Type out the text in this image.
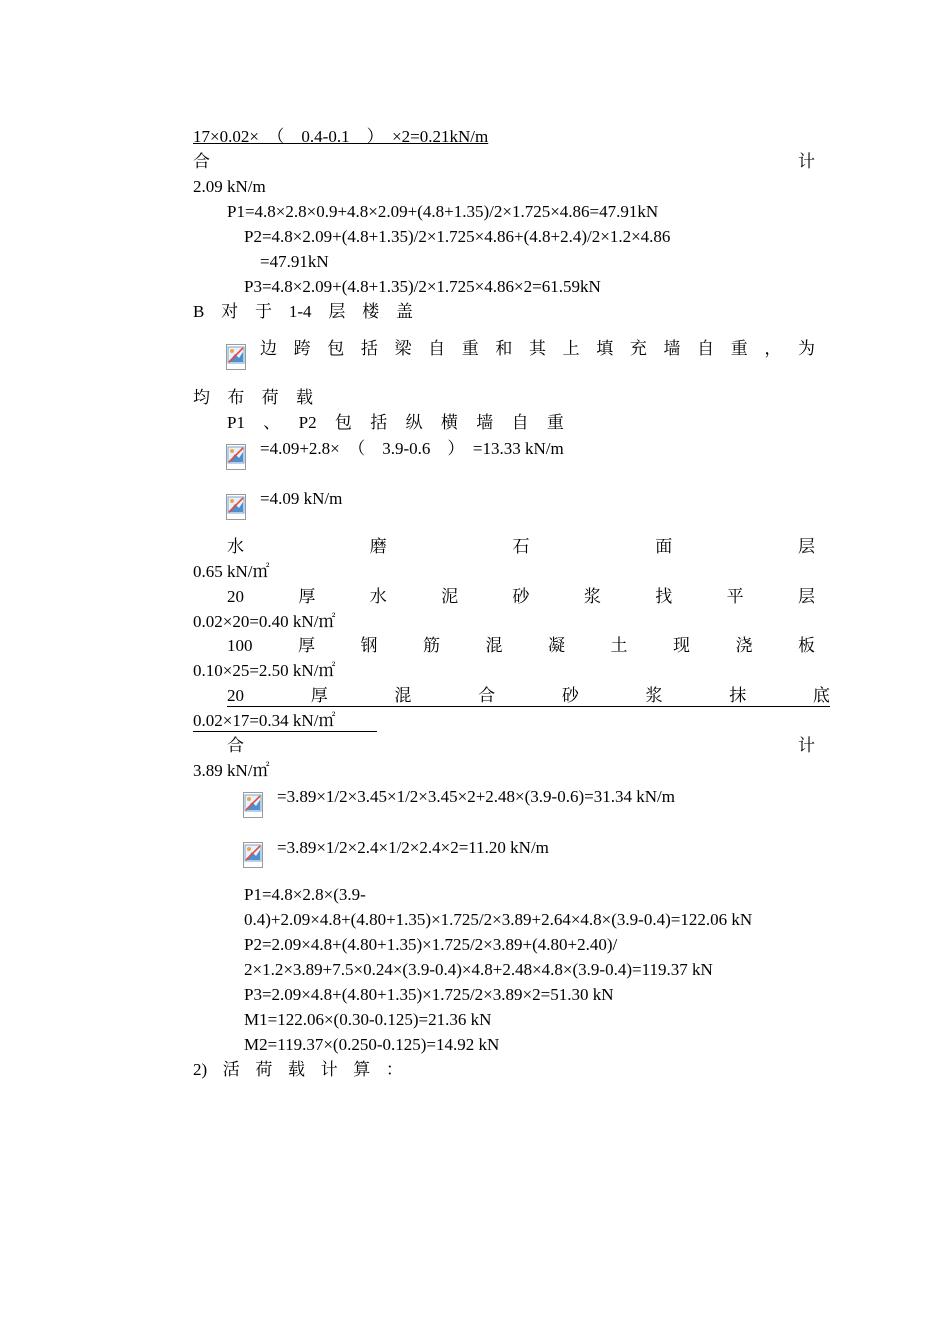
17×0.02×　（　0.4-0.1　）　×2=0.21kN/m
合	计
2.09 kN/m
P1=4.8×2.8×0.9+4.8×2.09+(4.8+1.35)/2×1.725×4.86=47.91kN
P2=4.8×2.09+(4.8+1.35)/2×1.725×4.86+(4.8+2.4)/2×1.2×4.86
=47.91kN
P3=4.8×2.09+(4.8+1.35)/2×1.725×4.86×2=61.59kN
B 对 于 1-4 层 楼 盖
边 跨 包 括 梁 自 重 和 其 上 填 充 墙 自 重 ， 为
均 布 荷 载
P1 、 P2 包 括 纵 横 墙 自 重
=4.09+2.8×　（　3.9-0.6　）　=13.33 kN/m
=4.09 kN/m
水	磨	石	面	层
0.65 kN/㎡
20	厚	水	泥	砂	浆	找	平	层
0.02×20=0.40 kN/㎡
100	厚	钢	筋	混	凝	土	现	浇	板
0.10×25=2.50 kN/㎡
20	厚	混	合	砂	浆	抹	底
0.02×17=0.34 kN/㎡
合	计
3.89 kN/㎡
=3.89×1/2×3.45×1/2×3.45×2+2.48×(3.9-0.6)=31.34 kN/m
=3.89×1/2×2.4×1/2×2.4×2=11.20 kN/m
P1=4.8×2.8×(3.9-
0.4)+2.09×4.8+(4.80+1.35)×1.725/2×3.89+2.64×4.8×(3.9-0.4)=122.06 kN
P2=2.09×4.8+(4.80+1.35)×1.725/2×3.89+(4.80+2.40)/
2×1.2×3.89+7.5×0.24×(3.9-0.4)×4.8+2.48×4.8×(3.9-0.4)=119.37 kN
P3=2.09×4.8+(4.80+1.35)×1.725/2×3.89×2=51.30 kN
M1=122.06×(0.30-0.125)=21.36 kN
M2=119.37×(0.250-0.125)=14.92 kN
2) 活 荷 载 计 算 ：
